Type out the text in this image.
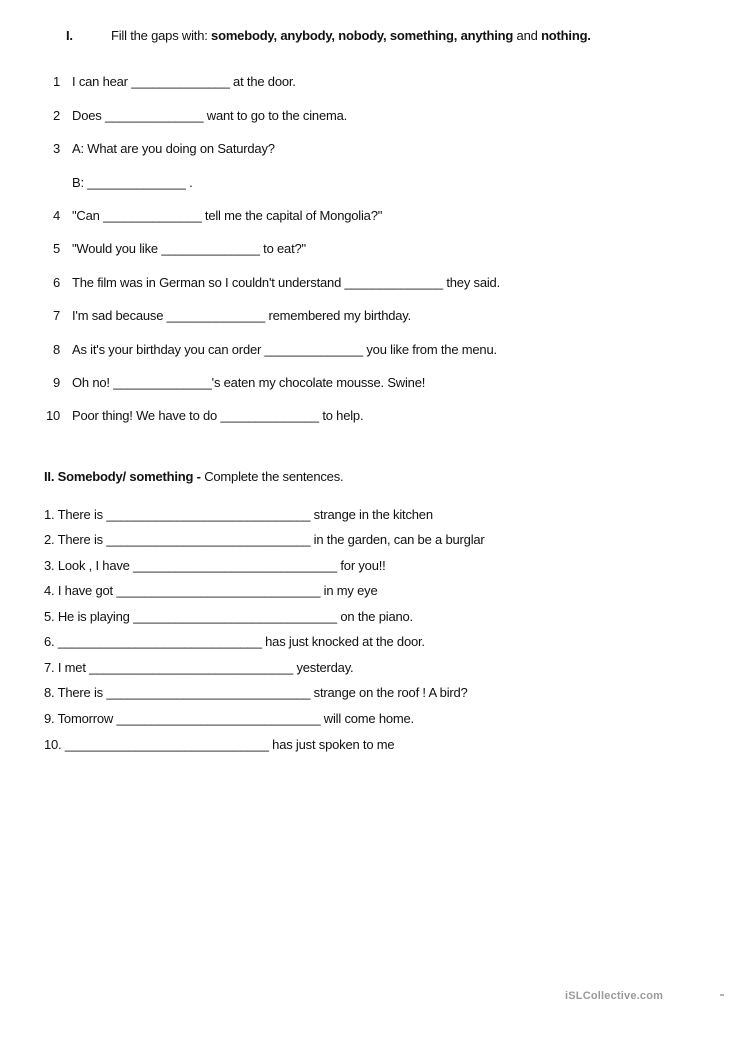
I.	Fill the gaps with: somebody, anybody, nobody, something, anything and nothing.
1 I can hear ______________ at the door.
2 Does ______________ want to go to the cinema.
3 A: What are you doing on Saturday?
B: ______________ .
4 "Can ______________ tell me the capital of Mongolia?"
5 "Would you like ______________ to eat?"
6 The film was in German so I couldn't understand ______________ they said.
7 I'm sad because ______________ remembered my birthday.
8 As it's your birthday you can order ______________ you like from the menu.
9 Oh no! ______________'s eaten my chocolate mousse. Swine!
10 Poor thing! We have to do ______________ to help.
II. Somebody/ something - Complete the sentences.
1. There is _____________________________ strange in the kitchen
2. There is _____________________________ in the garden, can be a burglar
3. Look , I have _____________________________ for you!!
4. I have got _____________________________ in my eye
5. He is playing _____________________________ on the piano.
6. _____________________________ has just knocked at the door.
7. I met _____________________________ yesterday.
8. There is _____________________________ strange on the roof ! A bird?
9. Tomorrow _____________________________ will come home.
10. _____________________________ has just spoken to me
iSLCollective.com
